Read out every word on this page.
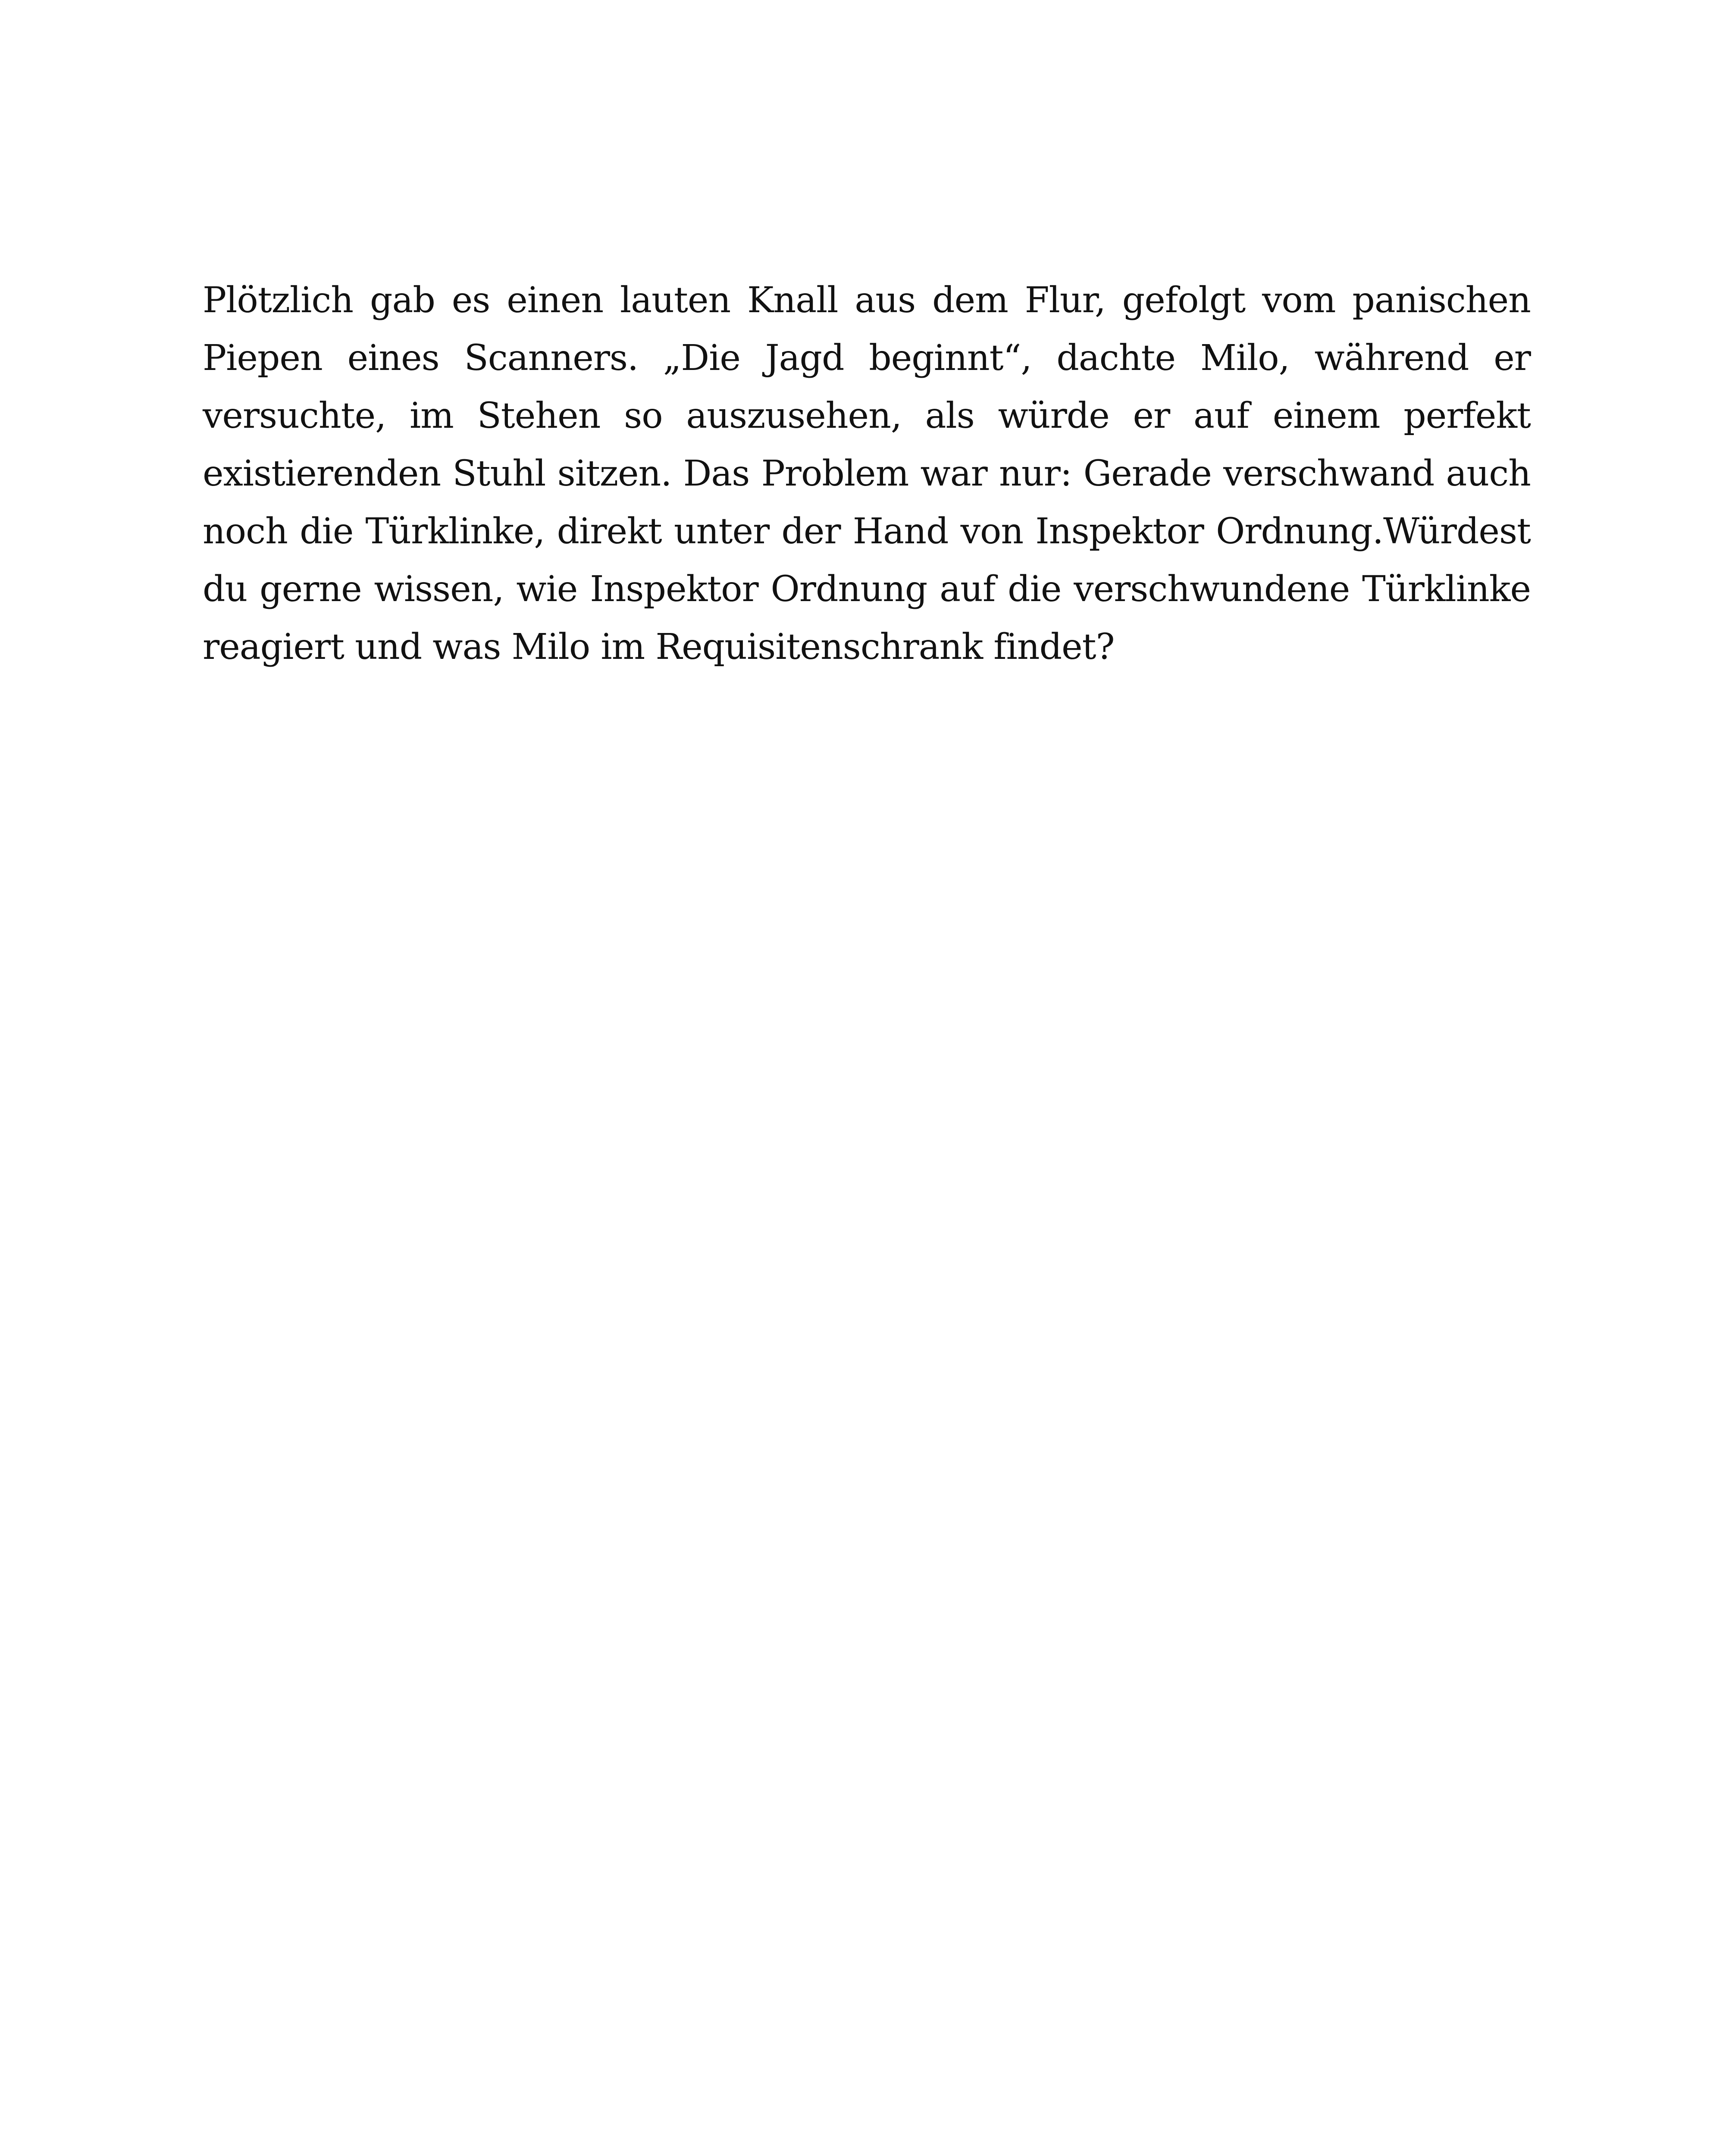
Plötzlich gab es einen lauten Knall aus dem Flur, gefolgt vom panischen Piepen eines Scanners. „Die Jagd beginnt“, dachte Milo, während er versuchte, im Stehen so auszusehen, als würde er auf einem perfekt existierenden Stuhl sitzen. Das Problem war nur: Gerade verschwand auch noch die Türklinke, direkt unter der Hand von Inspektor Ordnung.Würdest du gerne wissen, wie Inspektor Ordnung auf die verschwundene Türklinke reagiert und was Milo im Requisitenschrank findet?
